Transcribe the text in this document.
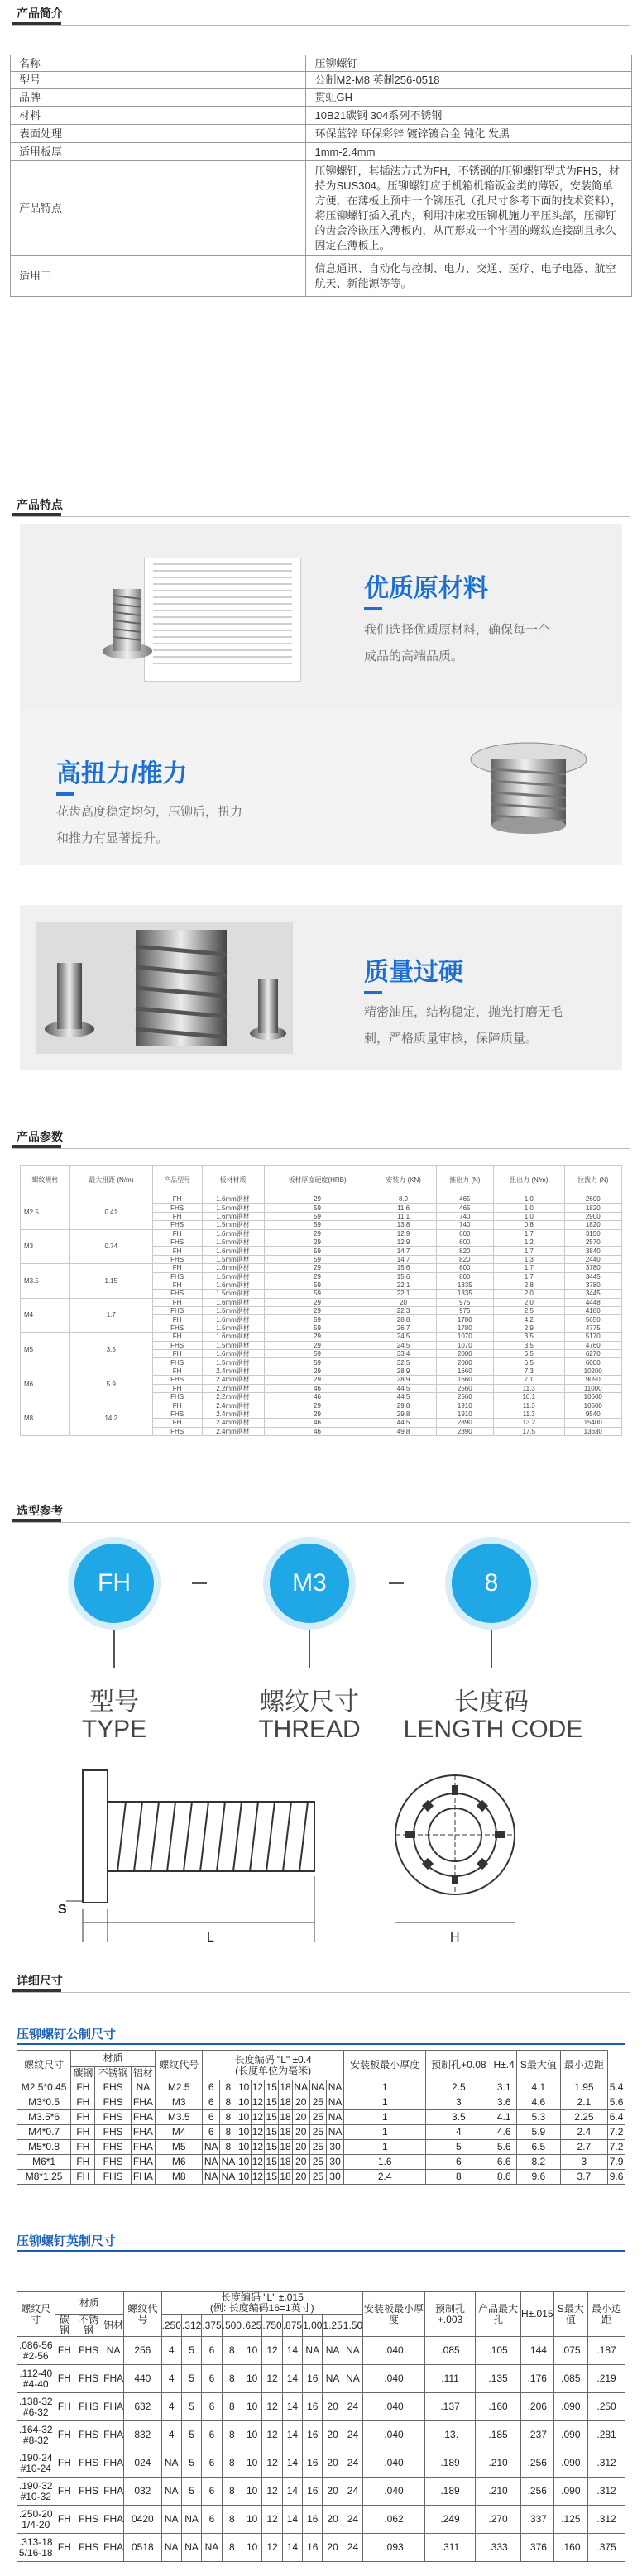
产品简介
名称	压铆螺钉
型号	公制M2-M8 英制256-0518
品牌	贯虹GH
材料	10B21碳钢 304系列不锈钢
表面处理	环保蓝锌 环保彩锌 镀锌镀合金 钝化 发黑
适用板厚	1mm-2.4mm
产品特点	压铆螺钉，其插法方式为FH，不锈钢的压铆螺钉型式为FHS，材持为SUS304。压铆螺钉应于机箱机箱钣金类的薄钣，安装简单方便，在薄板上预中一个铆压孔（孔尺寸参考下面的技术资料），将压铆螺钉插入孔内，利用冲床或压铆机施力平压头部，压铆钉的齿会冷嵌压入薄板内，从而形成一个牢固的螺纹连接副且永久固定在薄板上。
适用于	信息通讯、自动化与控制、电力、交通、医疗、电子电器、航空航天、新能源等等。
产品特点
优质原材料
我们选择优质原材料，确保每一个
成品的高端品质。
高扭力/推力
花齿高度稳定均匀，压铆后，扭力
和推力有显著提升。
质量过硬
精密油压，结构稳定，抛光打磨无毛
刺，严格质量审核，保障质量。
产品参数
螺纹规格	最大扭距 (N/m)	产品型号	板材材质	板材厚度硬度(HRB)	安装力 (KN)	推出力 (N)	扭出力 (N/m)	拉拔力 (N)
M2.5	0.41	FH	1.6mm钢材	29	8.9	465	1.0	2600
		FHS	1.5mm钢材	59	11.6	465	1.0	1820
		FH	1.6mm钢材	59	11.1	740	1.0	2900
		FHS	1.5mm钢材	59	13.8	740	0.8	1820
M3	0.74	FH	1.6mm钢材	29	12.9	600	1.7	3150
		FHS	1.5mm钢材	29	12.9	600	1.2	2570
		FH	1.6mm钢材	59	14.7	820	1.7	3840
		FHS	1.5mm钢材	59	14.7	820	1.3	2440
M3.5	1.15	FH	1.6mm钢材	29	15.6	800	1.7	3780
		FHS	1.5mm钢材	29	15.6	800	1.7	3445
		FH	1.6mm钢材	59	22.1	1335	2.8	3780
		FHS	1.5mm钢材	59	22.1	1335	2.0	3445
M4	1.7	FH	1.6mm钢材	29	20	975	2.0	4448
		FHS	1.5mm钢材	29	22.3	975	2.5	4180
		FH	1.6mm钢材	59	28.8	1780	4.2	5650
		FHS	1.5mm钢材	59	26.7	1780	2.9	4775
M5	3.5	FH	1.6mm钢材	29	24.5	1070	3.5	5170
		FHS	1.5mm钢材	29	24.5	1070	3.5	4760
		FH	1.6mm钢材	59	33.4	2000	6.5	6270
		FHS	1.5mm钢材	59	32.5	2000	6.5	6000
M6	5.9	FH	2.4mm钢材	29	28.9	1660	7.3	10200
		FHS	2.4mm钢材	29	28.9	1660	7.1	9090
		FH	2.2mm钢材	46	44.5	2560	11.3	11000
		FHS	2.2mm钢材	46	44.5	2560	10.1	10600
M8	14.2	FH	2.4mm钢材	29	29.8	1910	11.3	10500
		FHS	2.4mm钢材	29	29.8	1910	11.3	9540
		FH	2.4mm钢材	46	44.5	2890	13.2	15400
		FHS	2.4mm钢材	46	49.8	2890	17.5	13630
选型参考
FH	M3	8
型号
TYPE
螺纹尺寸
THREAD
长度码
LENGTH CODE
S
L	H
详细尺寸
压铆螺钉公制尺寸
螺纹尺寸	材质			螺纹代号	长度编码 "L" ±0.4
(长度单位为毫米)									安装板最小厚度	预制孔+0.08	H±.4	S最大值	最小边距	
	碳钢	不锈钢	铝材																
M2.5*0.45	FH	FHS	NA	M2.5	6	8	10	12	15	18	NA	NA	NA	1	2.5	3.1	4.1	1.95	5.4
M3*0.5	FH	FHS	FHA	M3	6	8	10	12	15	18	20	25	NA	1	3	3.6	4.6	2.1	5.6
M3.5*6	FH	FHS	FHA	M3.5	6	8	10	12	15	18	20	25	NA	1	3.5	4.1	5.3	2.25	6.4
M4*0.7	FH	FHS	FHA	M4	6	8	10	12	15	18	20	25	NA	1	4	4.6	5.9	2.4	7.2
M5*0.8	FH	FHS	FHA	M5	NA	8	10	12	15	18	20	25	30	1	5	5.6	6.5	2.7	7.2
M6*1	FH	FHS	FHA	M6	NA	NA	10	12	15	18	20	25	30	1.6	6	6.6	8.2	3	7.9
M8*1.25	FH	FHS	FHA	M8	NA	NA	10	12	15	18	20	25	30	2.4	8	8.6	9.6	3.7	9.6
压铆螺钉英制尺寸
螺纹尺寸	材质			螺纹代号	长度编码 "L" ±.015
(例: 长度编码16=1英寸)										安装板最小厚度	预制孔+.003	产品最大孔	H±.015	S最大值	最小边距
	碳钢	不锈钢	铝材		.250	.312	.375	.500	.625	.750	.875	1.00	1.25	1.50						
.086-56
#2-56	FH	FHS	NA	256	4	5	6	8	10	12	14	NA	NA	NA	.040	.085	.105	.144	.075	.187
.112-40
#4-40	FH	FHS	FHA	440	4	5	6	8	10	12	14	16	NA	NA	.040	.111	.135	.176	.085	.219
.138-32
#6-32	FH	FHS	FHA	632	4	5	6	8	10	12	14	16	20	24	.040	.137	.160	.206	.090	.250
.164-32
#8-32	FH	FHS	FHA	832	4	5	6	8	10	12	14	16	20	24	.040	.13.	.185	.237	.090	.281
.190-24
#10-24	FH	FHS	FHA	024	NA	5	6	8	10	12	14	16	20	24	.040	.189	.210	.256	.090	.312
.190-32
#10-32	FH	FHS	FHA	032	NA	5	6	8	10	12	14	16	20	24	.040	.189	.210	.256	.090	.312
.250-20
1/4-20	FH	FHS	FHA	0420	NA	NA	6	8	10	12	14	16	20	24	.062	.249	.270	.337	.125	.312
.313-18
5/16-18	FH	FHS	FHA	0518	NA	NA	NA	8	10	12	14	16	20	24	.093	.311	.333	.376	.160	.375
